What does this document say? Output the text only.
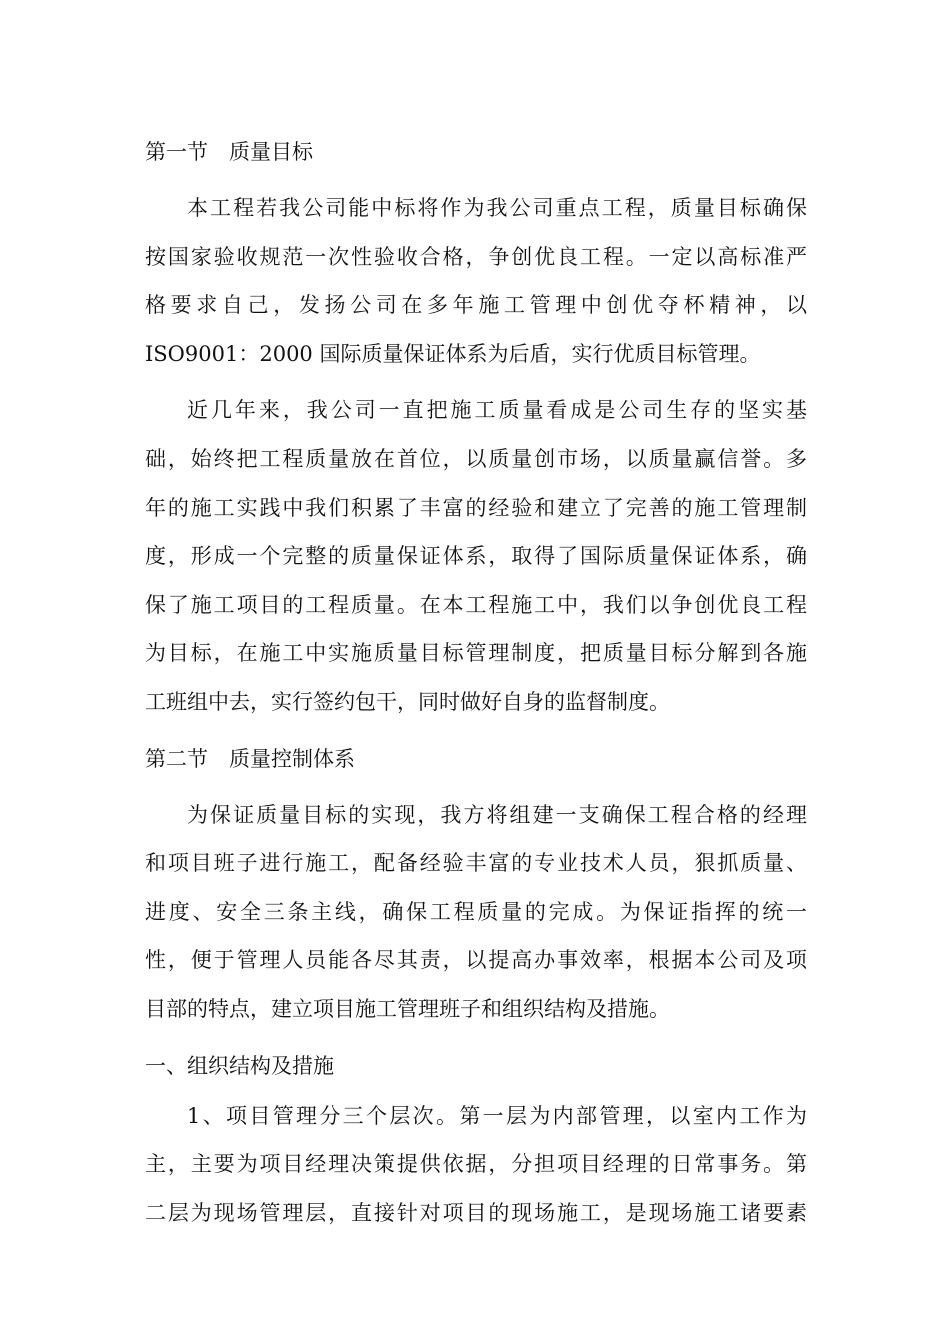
第一节　质量目标
本工程若我公司能中标将作为我公司重点工程，质量目标确保
按国家验收规范一次性验收合格，争创优良工程。一定以高标准严
格要求自己，发扬公司在多年施工管理中创优夺杯精神，以
ISO9001：2000 国际质量保证体系为后盾，实行优质目标管理。
近几年来，我公司一直把施工质量看成是公司生存的坚实基
础，始终把工程质量放在首位，以质量创市场，以质量赢信誉。多
年的施工实践中我们积累了丰富的经验和建立了完善的施工管理制
度，形成一个完整的质量保证体系，取得了国际质量保证体系，确
保了施工项目的工程质量。在本工程施工中，我们以争创优良工程
为目标，在施工中实施质量目标管理制度，把质量目标分解到各施
工班组中去，实行签约包干，同时做好自身的监督制度。
第二节　质量控制体系
为保证质量目标的实现，我方将组建一支确保工程合格的经理
和项目班子进行施工，配备经验丰富的专业技术人员，狠抓质量、
进度、安全三条主线，确保工程质量的完成。为保证指挥的统一
性，便于管理人员能各尽其责，以提高办事效率，根据本公司及项
目部的特点，建立项目施工管理班子和组织结构及措施。
一、组织结构及措施
1、项目管理分三个层次。第一层为内部管理，以室内工作为
主，主要为项目经理决策提供依据，分担项目经理的日常事务。第
二层为现场管理层，直接针对项目的现场施工，是现场施工诸要素
